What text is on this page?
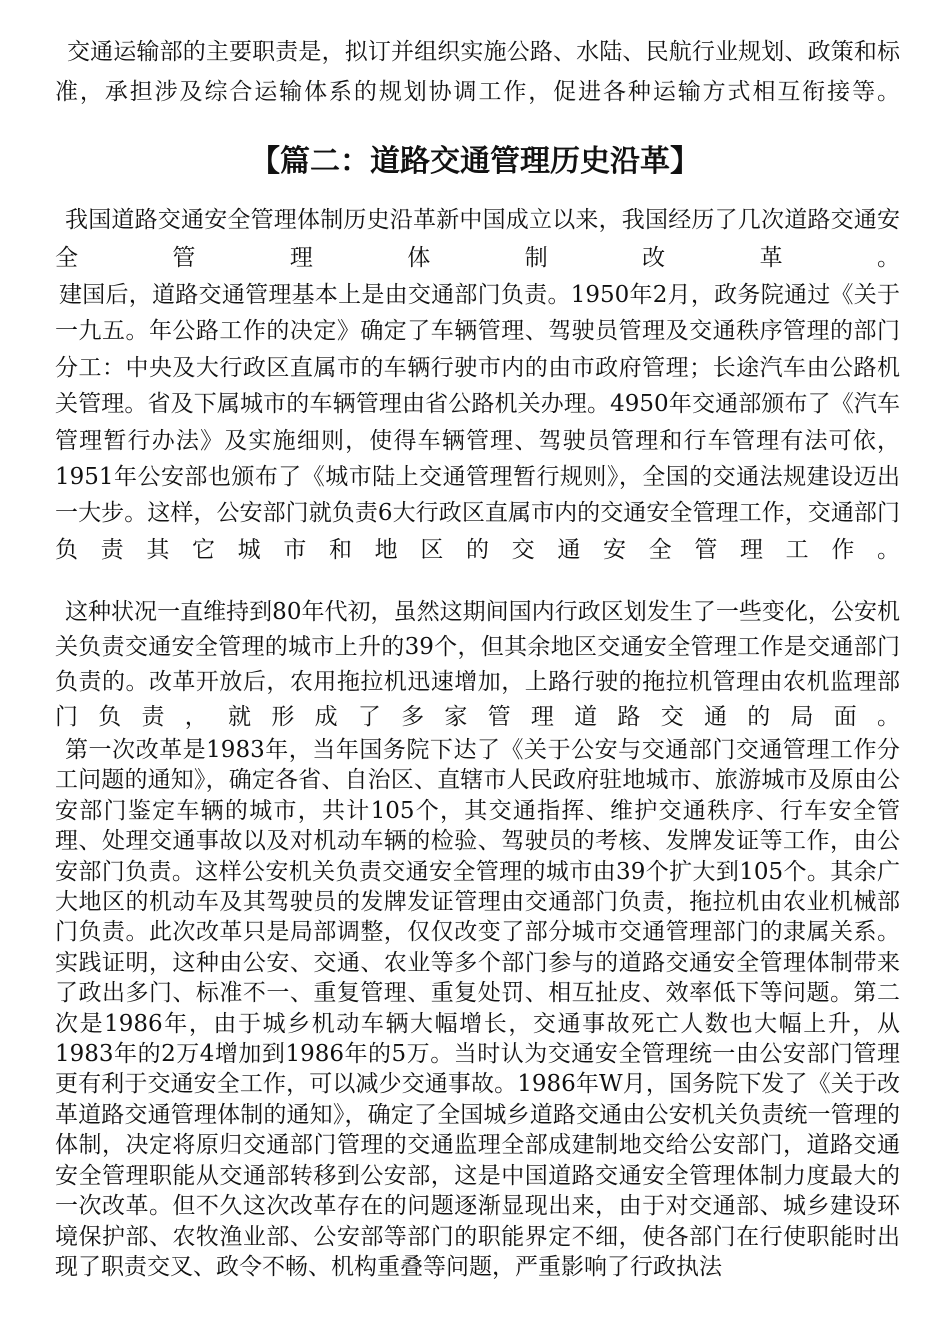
交通运输部的主要职责是，拟订并组织实施公路、水陆、民航行业规划、政策和标准，承担涉及综合运输体系的规划协调工作，促进各种运输方式相互衔接等。

【篇二：道路交通管理历史沿革】

我国道路交通安全管理体制历史沿革新中国成立以来，我国经历了几次道路交通安全管理体制改革。

建国后，道路交通管理基本上是由交通部门负责。1950年2月，政务院通过《关于一九五。年公路工作的决定》确定了车辆管理、驾驶员管理及交通秩序管理的部门分工：中央及大行政区直属市的车辆行驶市内的由市政府管理；长途汽车由公路机关管理。省及下属城市的车辆管理由省公路机关办理。4950年交通部颁布了《汽车管理暂行办法》及实施细则，使得车辆管理、驾驶员管理和行车管理有法可依，1951年公安部也颁布了《城市陆上交通管理暂行规则》，全国的交通法规建设迈出一大步。这样，公安部门就负责6大行政区直属市内的交通安全管理工作，交通部门负责其它城市和地区的交通安全管理工作。

这种状况一直维持到80年代初，虽然这期间国内行政区划发生了一些变化，公安机关负责交通安全管理的城市上升的39个，但其余地区交通安全管理工作是交通部门负责的。改革开放后，农用拖拉机迅速增加，上路行驶的拖拉机管理由农机监理部门负责，就形成了多家管理道路交通的局面。

第一次改革是1983年，当年国务院下达了《关于公安与交通部门交通管理工作分工问题的通知》，确定各省、自治区、直辖市人民政府驻地城市、旅游城市及原由公安部门鉴定车辆的城市，共计105个，其交通指挥、维护交通秩序、行车安全管理、处理交通事故以及对机动车辆的检验、驾驶员的考核、发牌发证等工作，由公安部门负责。这样公安机关负责交通安全管理的城市由39个扩大到105个。其余广大地区的机动车及其驾驶员的发牌发证管理由交通部门负责，拖拉机由农业机械部门负责。此次改革只是局部调整，仅仅改变了部分城市交通管理部门的隶属关系。实践证明，这种由公安、交通、农业等多个部门参与的道路交通安全管理体制带来了政出多门、标准不一、重复管理、重复处罚、相互扯皮、效率低下等问题。第二次是1986年，由于城乡机动车辆大幅增长，交通事故死亡人数也大幅上升，从1983年的2万4增加到1986年的5万。当时认为交通安全管理统一由公安部门管理更有利于交通安全工作，可以减少交通事故。1986年W月，国务院下发了《关于改革道路交通管理体制的通知》，确定了全国城乡道路交通由公安机关负责统一管理的体制，决定将原归交通部门管理的交通监理全部成建制地交给公安部门，道路交通安全管理职能从交通部转移到公安部，这是中国道路交通安全管理体制力度最大的一次改革。但不久这次改革存在的问题逐渐显现出来，由于对交通部、城乡建设环境保护部、农牧渔业部、公安部等部门的职能界定不细，使各部门在行使职能时出现了职责交叉、政令不畅、机构重叠等问题，严重影响了行政执法
